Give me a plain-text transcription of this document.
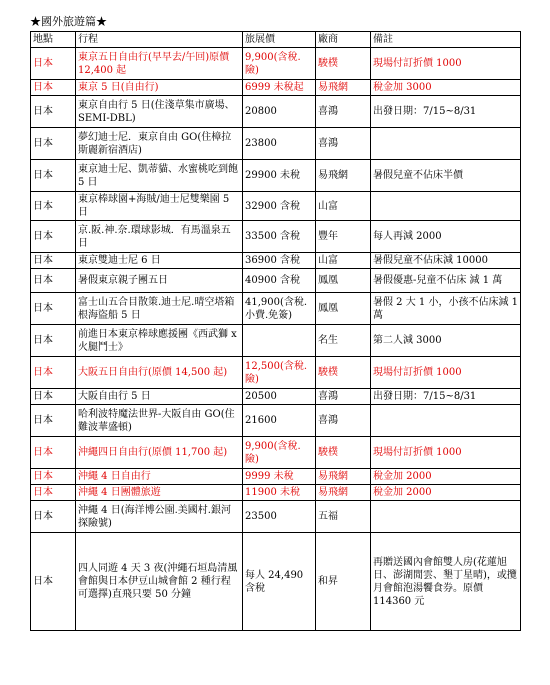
★國外旅遊篇★
地點	行程	旅展價	廠商	備註
日本	東京五日自由行(早早去/午回)原價 12,400 起	9,900(含稅.險)	駿樸	現場付訂折價 1000
日本	東京 5 日(自由行)	6999 未稅起	易飛網	稅金加 3000
日本	東京自由行 5 日(住淺草集市廣場、SEMI-DBL)	20800	喜鴻	出發日期：7/15~8/31
日本	夢幻迪士尼．東京自由 GO(住樟拉斯麗新宿酒店)	23800	喜鴻	
日本	東京迪士尼、凱蒂貓、水蜜桃吃到飽 5 日	29900 未稅	易飛網	暑假兒童不佔床半價
日本	東京棒球園+海賊/迪士尼雙樂園 5 日	32900 含稅	山富	
日本	京.阪.神.奈.環球影城．有馬溫泉五日	33500 含稅	豐年	每人再減 2000
日本	東京雙迪士尼 6 日	36900 含稅	山富	暑假兒童不佔床減 10000
日本	暑假東京親子團五日	40900 含稅	鳳凰	暑假優惠-兒童不佔床 減 1 萬
日本	富士山五合目散策.迪士尼.晴空塔箱根海盜船 5 日	41,900(含稅.小費.免簽)	鳳凰	暑假 2 大 1 小，小孩不佔床減 1 萬
日本	前進日本東京棒球應援團《西武獅 x 火腿鬥士》		名生	第二人減 3000
日本	大阪五日自由行(原價 14,500 起)	12,500(含稅.險)	駿樸	現場付訂折價 1000
日本	大阪自由行 5 日	20500	喜鴻	出發日期：7/15~8/31
日本	哈利波特魔法世界-大阪自由 GO(住難波華盛頓)	21600	喜鴻	
日本	沖繩四日自由行(原價 11,700 起)	9,900(含稅.險)	駿樸	現場付訂折價 1000
日本	沖繩 4 日自由行	9999 未稅	易飛網	稅金加 2000
日本	沖繩 4 日團體旅遊	11900 未稅	易飛網	稅金加 2000
日本	沖繩 4 日(海洋博公園.美國村.銀河探險號)	23500	五福	
日本	四人同遊 4 天 3 夜(沖繩石垣島清風會館與日本伊豆山城會館 2 種行程可選擇)直飛只要 50 分鐘	每人 24,490 含稅	和昇	再贈送國內會館雙人房(花蓮旭日、澎湖閒雲、墾丁星晴)，或攬月會館泡湯饗食券。原價 114360 元
